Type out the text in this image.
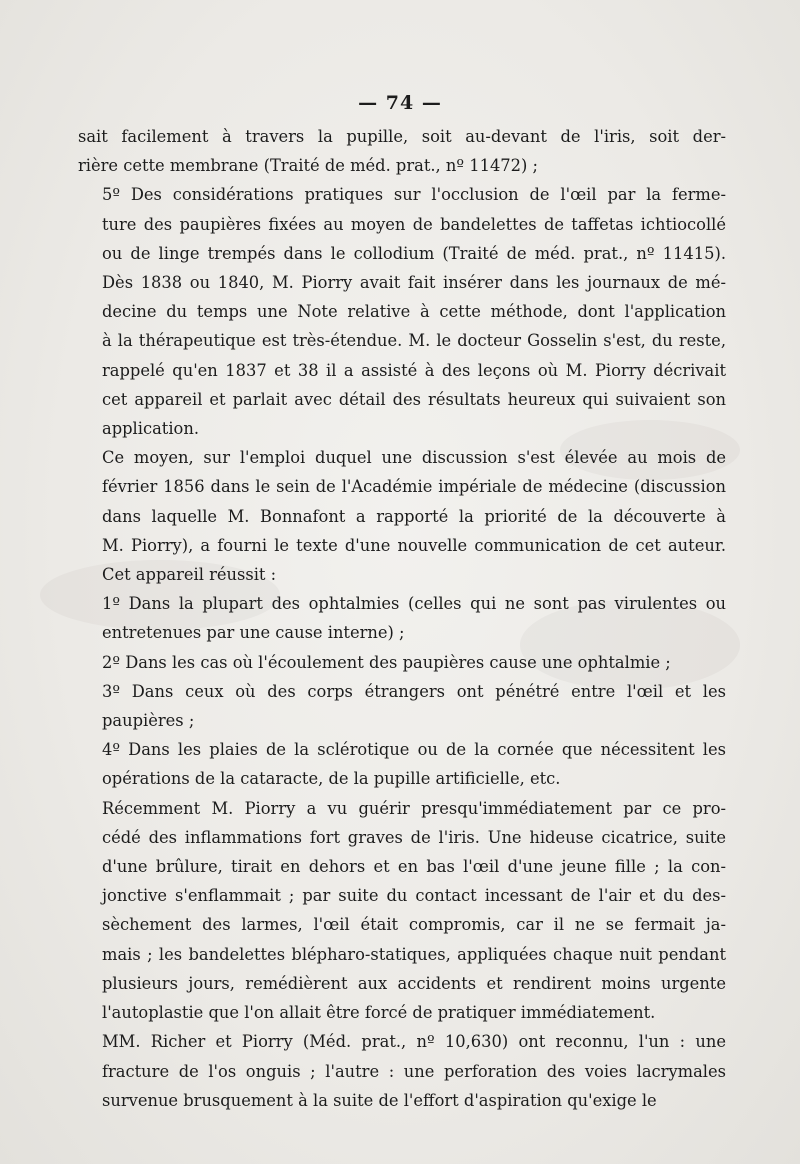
— 74 —

sait facilement à travers la pupille, soit au-devant de l'iris, soit der-
rière cette membrane (Traité de méd. prat., nº 11472) ;

5º Des considérations pratiques sur l'occlusion de l'œil par la ferme-
ture des paupières fixées au moyen de bandelettes de taffetas ichtiocollé
ou de linge trempés dans le collodium (Traité de méd. prat., nº 11415).
Dès 1838 ou 1840, M. Piorry avait fait insérer dans les journaux de mé-
decine du temps une Note relative à cette méthode, dont l'application
à la thérapeutique est très-étendue. M. le docteur Gosselin s'est, du reste,
rappelé qu'en 1837 et 38 il a assisté à des leçons où M. Piorry décrivait
cet appareil et parlait avec détail des résultats heureux qui suivaient son
application.

Ce moyen, sur l'emploi duquel une discussion s'est élevée au mois de
février 1856 dans le sein de l'Académie impériale de médecine (discussion
dans laquelle M. Bonnafont a rapporté la priorité de la découverte à
M. Piorry), a fourni le texte d'une nouvelle communication de cet auteur.
Cet appareil réussit :

1º Dans la plupart des ophtalmies (celles qui ne sont pas virulentes ou
entretenues par une cause interne) ;

2º Dans les cas où l'écoulement des paupières cause une ophtalmie ;

3º Dans ceux où des corps étrangers ont pénétré entre l'œil et les
paupières ;

4º Dans les plaies de la sclérotique ou de la cornée que nécessitent les
opérations de la cataracte, de la pupille artificielle, etc.

Récemment M. Piorry a vu guérir presqu'immédiatement par ce pro-
cédé des inflammations fort graves de l'iris. Une hideuse cicatrice, suite
d'une brûlure, tirait en dehors et en bas l'œil d'une jeune fille ; la con-
jonctive s'enflammait ; par suite du contact incessant de l'air et du des-
sèchement des larmes, l'œil était compromis, car il ne se fermait ja-
mais ; les bandelettes blépharo-statiques, appliquées chaque nuit pendant
plusieurs jours, remédièrent aux accidents et rendirent moins urgente
l'autoplastie que l'on allait être forcé de pratiquer immédiatement.

MM. Richer et Piorry (Méd. prat., nº 10,630) ont reconnu, l'un : une
fracture de l'os onguis ; l'autre : une perforation des voies lacrymales
survenue brusquement à la suite de l'effort d'aspiration qu'exige le
